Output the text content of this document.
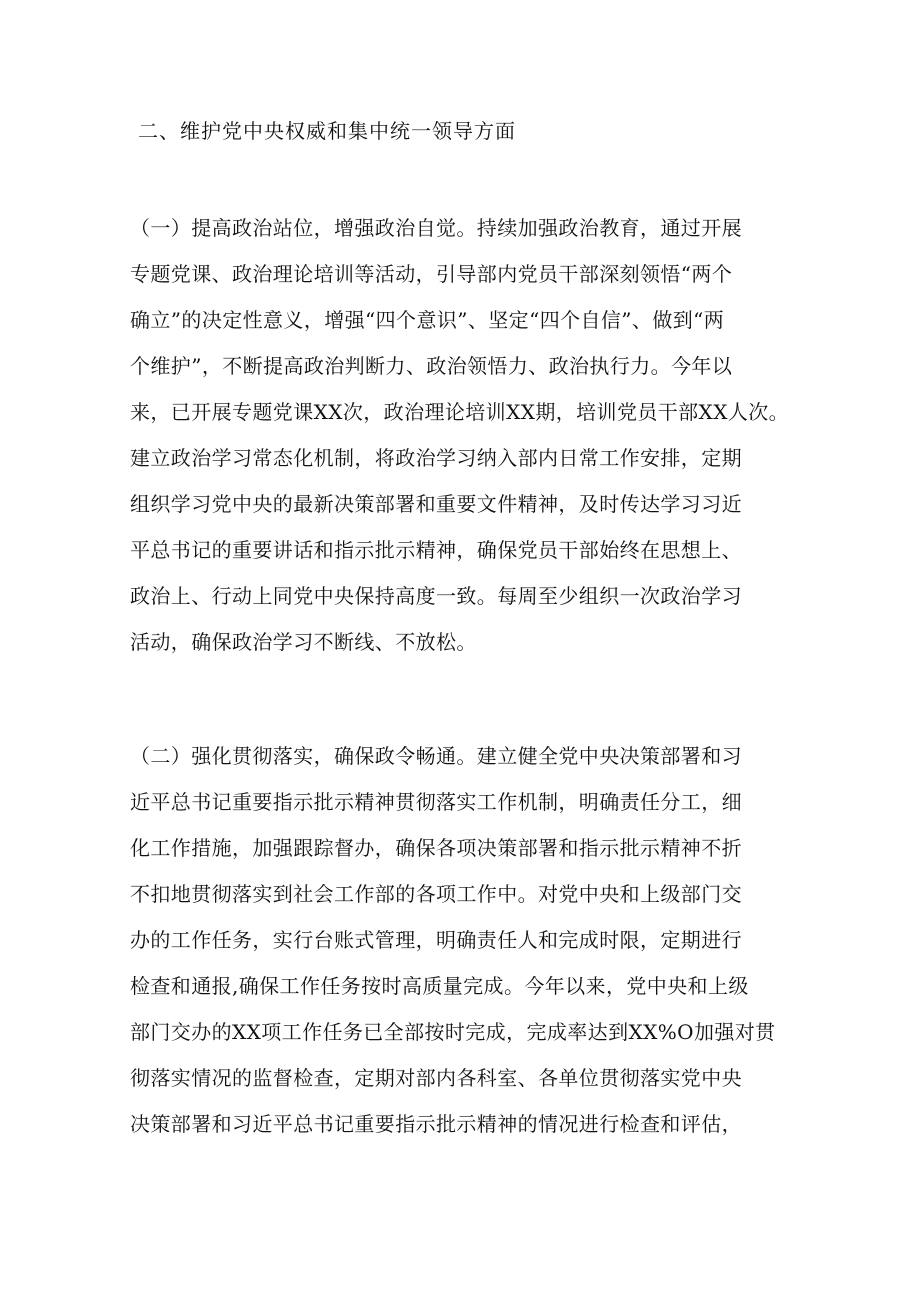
二、维护党中央权威和集中统一领导方面
（一）提高政治站位，增强政治自觉。持续加强政治教育，通过开展
专题党课、政治理论培训等活动，引导部内党员干部深刻领悟“两个
确立”的决定性意义，增强“四个意识”、坚定“四个自信”、做到“两
个维护”，不断提高政治判断力、政治领悟力、政治执行力。今年以
来，已开展专题党课XX次，政治理论培训XX期，培训党员干部XX人次。
建立政治学习常态化机制，将政治学习纳入部内日常工作安排，定期
组织学习党中央的最新决策部署和重要文件精神，及时传达学习习近
平总书记的重要讲话和指示批示精神，确保党员干部始终在思想上、
政治上、行动上同党中央保持高度一致。每周至少组织一次政治学习
活动，确保政治学习不断线、不放松。
（二）强化贯彻落实，确保政令畅通。建立健全党中央决策部署和习
近平总书记重要指示批示精神贯彻落实工作机制，明确责任分工，细
化工作措施，加强跟踪督办，确保各项决策部署和指示批示精神不折
不扣地贯彻落实到社会工作部的各项工作中。对党中央和上级部门交
办的工作任务，实行台账式管理，明确责任人和完成时限，定期进行
检查和通报,确保工作任务按时高质量完成。今年以来，党中央和上级
部门交办的XX项工作任务已全部按时完成，完成率达到XX%O加强对贯
彻落实情况的监督检查，定期对部内各科室、各单位贯彻落实党中央
决策部署和习近平总书记重要指示批示精神的情况进行检查和评估，
